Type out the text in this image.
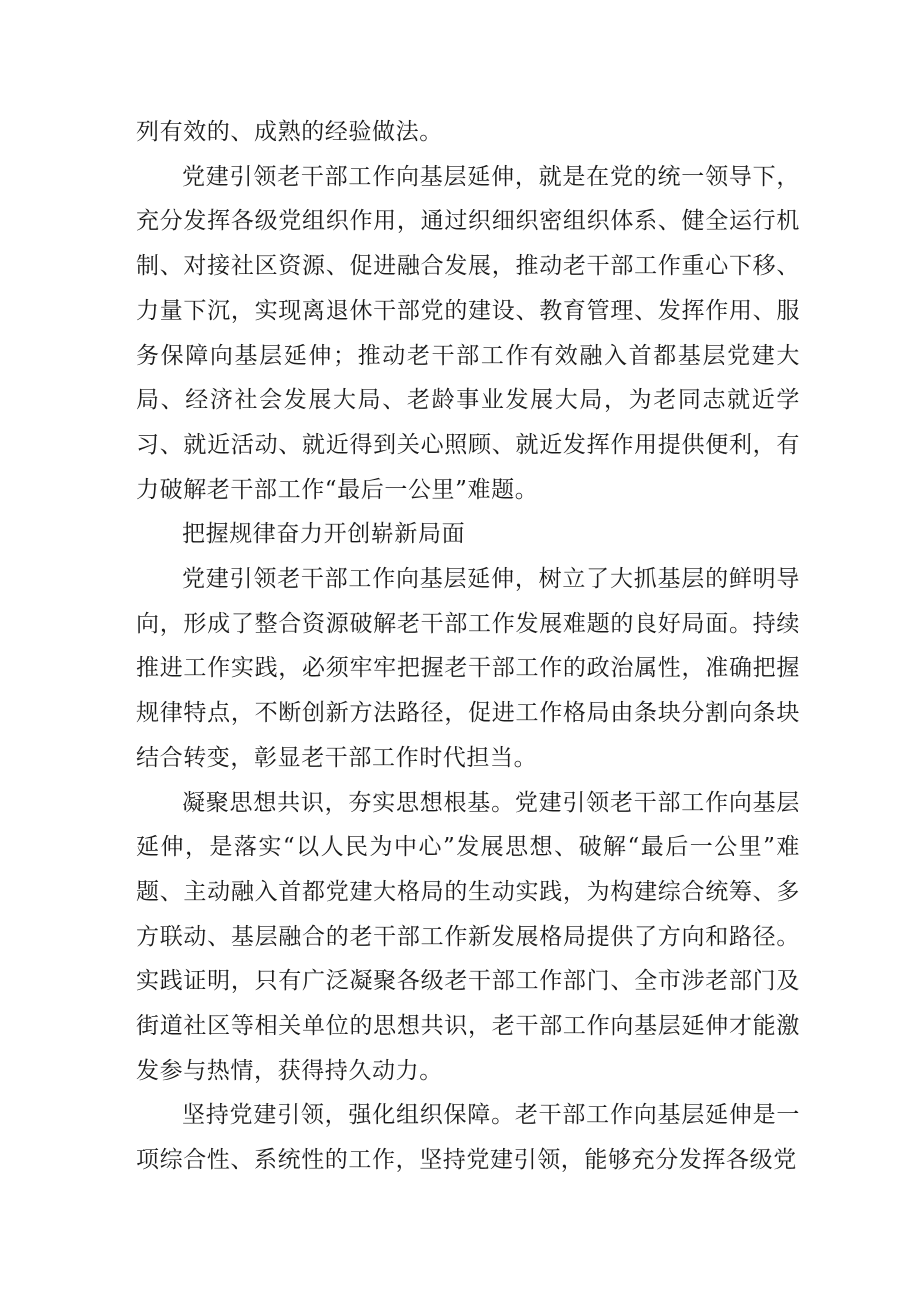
列有效的、成熟的经验做法。

党建引领老干部工作向基层延伸，就是在党的统一领导下，充分发挥各级党组织作用，通过织细织密组织体系、健全运行机制、对接社区资源、促进融合发展，推动老干部工作重心下移、力量下沉，实现离退休干部党的建设、教育管理、发挥作用、服务保障向基层延伸；推动老干部工作有效融入首都基层党建大局、经济社会发展大局、老龄事业发展大局，为老同志就近学习、就近活动、就近得到关心照顾、就近发挥作用提供便利，有力破解老干部工作“最后一公里”难题。

把握规律奋力开创崭新局面

党建引领老干部工作向基层延伸，树立了大抓基层的鲜明导向，形成了整合资源破解老干部工作发展难题的良好局面。持续推进工作实践，必须牢牢把握老干部工作的政治属性，准确把握规律特点，不断创新方法路径，促进工作格局由条块分割向条块结合转变，彰显老干部工作时代担当。

凝聚思想共识，夯实思想根基。党建引领老干部工作向基层延伸，是落实“以人民为中心”发展思想、破解“最后一公里”难题、主动融入首都党建大格局的生动实践，为构建综合统筹、多方联动、基层融合的老干部工作新发展格局提供了方向和路径。实践证明，只有广泛凝聚各级老干部工作部门、全市涉老部门及街道社区等相关单位的思想共识，老干部工作向基层延伸才能激发参与热情，获得持久动力。

坚持党建引领，强化组织保障。老干部工作向基层延伸是一项综合性、系统性的工作，坚持党建引领，能够充分发挥各级党
